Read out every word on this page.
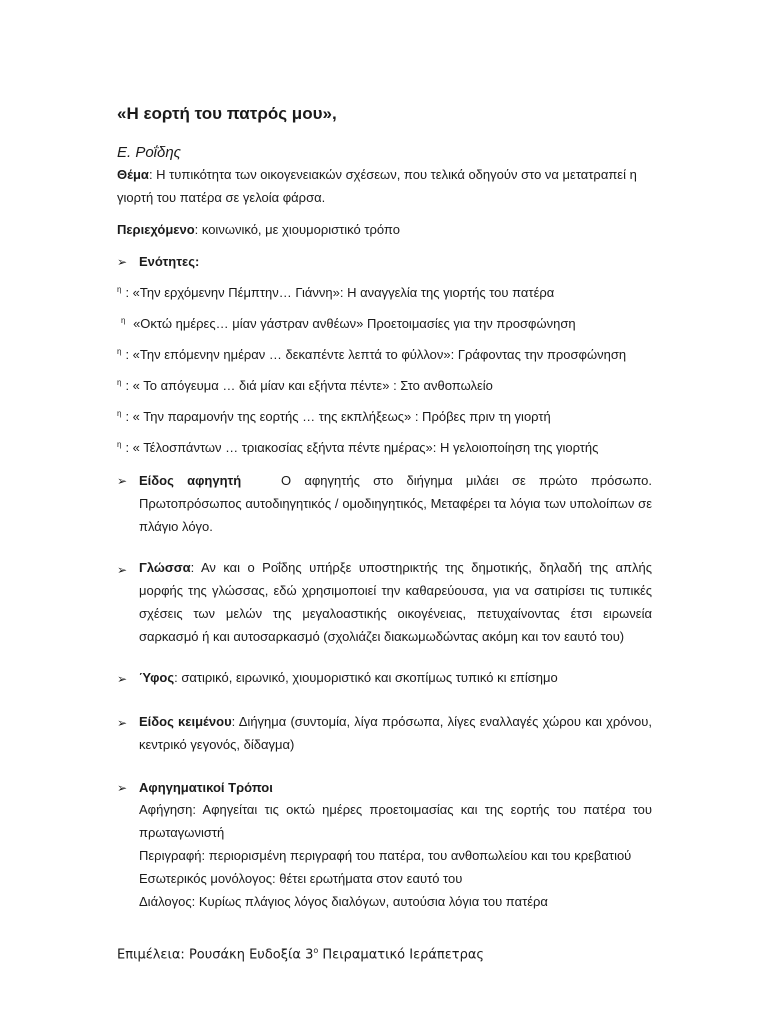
«Η εορτή του πατρός μου»,
Ε. Ροΐδης
Θέμα: Η τυπικότητα των οικογενειακών σχέσεων, που τελικά οδηγούν στο να μετατραπεί η γιορτή του πατέρα σε γελοία φάρσα.
Περιεχόμενο: κοινωνικό, με χιουμοριστικό τρόπο
➢ Ενότητες:
$^\eta$ : «Την ερχόμενην Πέμπτην… Γιάννη»: Η αναγγελία της γιορτής του πατέρα
$^\eta$ «Οκτώ ημέρες… μίαν γάστραν ανθέων» Προετοιμασίες για την προσφώνηση
$^\eta$ : «Την επόμενην ημέραν … δεκαπέντε λεπτά το φύλλον»: Γράφοντας την προσφώνηση
$^\eta$ : « Το απόγευμα … διά μίαν και εξήντα πέντε» : Στο ανθοπωλείο
$^\eta$ : « Την παραμονήν της εορτής … της εκπλήξεως» : Πρόβες πριν τη γιορτή
$^\eta$ : « Τέλοσπάντων … τριακοσίας εξήντα πέντε ημέρας»: Η γελοιοποίηση της γιορτής
➢ Είδος αφηγητή   Ο αφηγητής στο διήγημα μιλάει σε πρώτο πρόσωπο. Πρωτοπρόσωπος αυτοδιηγητικός / ομοδιηγητικός, Μεταφέρει τα λόγια των υπολοίπων σε πλάγιο λόγο.
➢ Γλώσσα: Αν και ο Ροΐδης υπήρξε υποστηρικτής της δημοτικής, δηλαδή της απλής μορφής της γλώσσας, εδώ χρησιμοποιεί την καθαρεύουσα, για να σατιρίσει τις τυπικές σχέσεις των μελών της μεγαλοαστικής οικογένειας, πετυχαίνοντας έτσι ειρωνεία σαρκασμό ή και αυτοσαρκασμό (σχολιάζει διακωμωδώντας ακόμη και τον εαυτό του)
➢ Ύφος: σατιρικό, ειρωνικό, χιουμοριστικό και σκοπίμως τυπικό κι επίσημο
➢ Είδος κειμένου: Διήγημα (συντομία, λίγα πρόσωπα, λίγες εναλλαγές χώρου και χρόνου, κεντρικό γεγονός, δίδαγμα)
➢ Αφηγηματικοί Τρόποι
Αφήγηση: Αφηγείται τις οκτώ ημέρες προετοιμασίας και της εορτής του πατέρα του πρωταγωνιστή
Περιγραφή: περιορισμένη περιγραφή του πατέρα, του ανθοπωλείου και του κρεβατιού
Εσωτερικός μονόλογος: θέτει ερωτήματα στον εαυτό του
Διάλογος: Κυρίως πλάγιος λόγος διαλόγων, αυτούσια λόγια του πατέρα
Επιμέλεια: Ρουσάκη Ευδοξία $3^o$ Πειραματικό Ιεράπετρας
